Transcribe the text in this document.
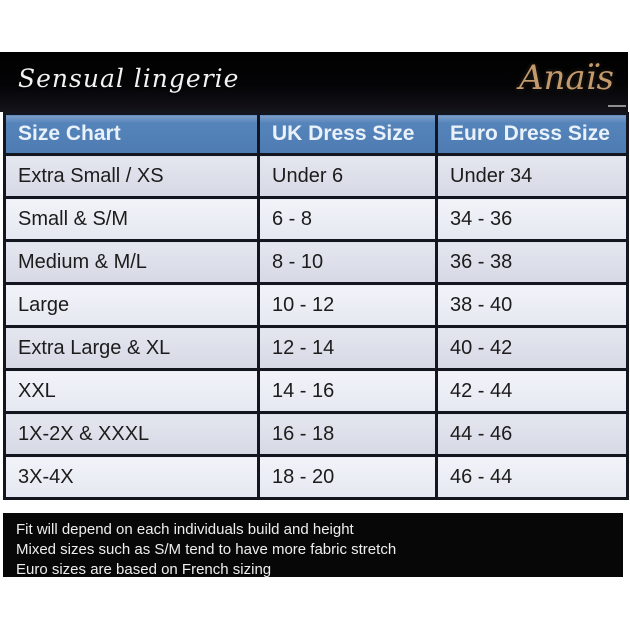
Sensual lingerie	Anaïs
Size Chart	UK Dress Size	Euro Dress Size
Extra Small / XS	Under 6	Under 34
Small & S/M	6 - 8	34 - 36
Medium & M/L	8 - 10	36 - 38
Large	10 - 12	38 - 40
Extra Large & XL	12 - 14	40 - 42
XXL	14 - 16	42 - 44
1X-2X & XXXL	16 - 18	44 - 46
3X-4X	18 - 20	46 - 44
Fit will depend on each individuals build and height
Mixed sizes such as S/M tend to have more fabric stretch
Euro sizes are based on French sizing
